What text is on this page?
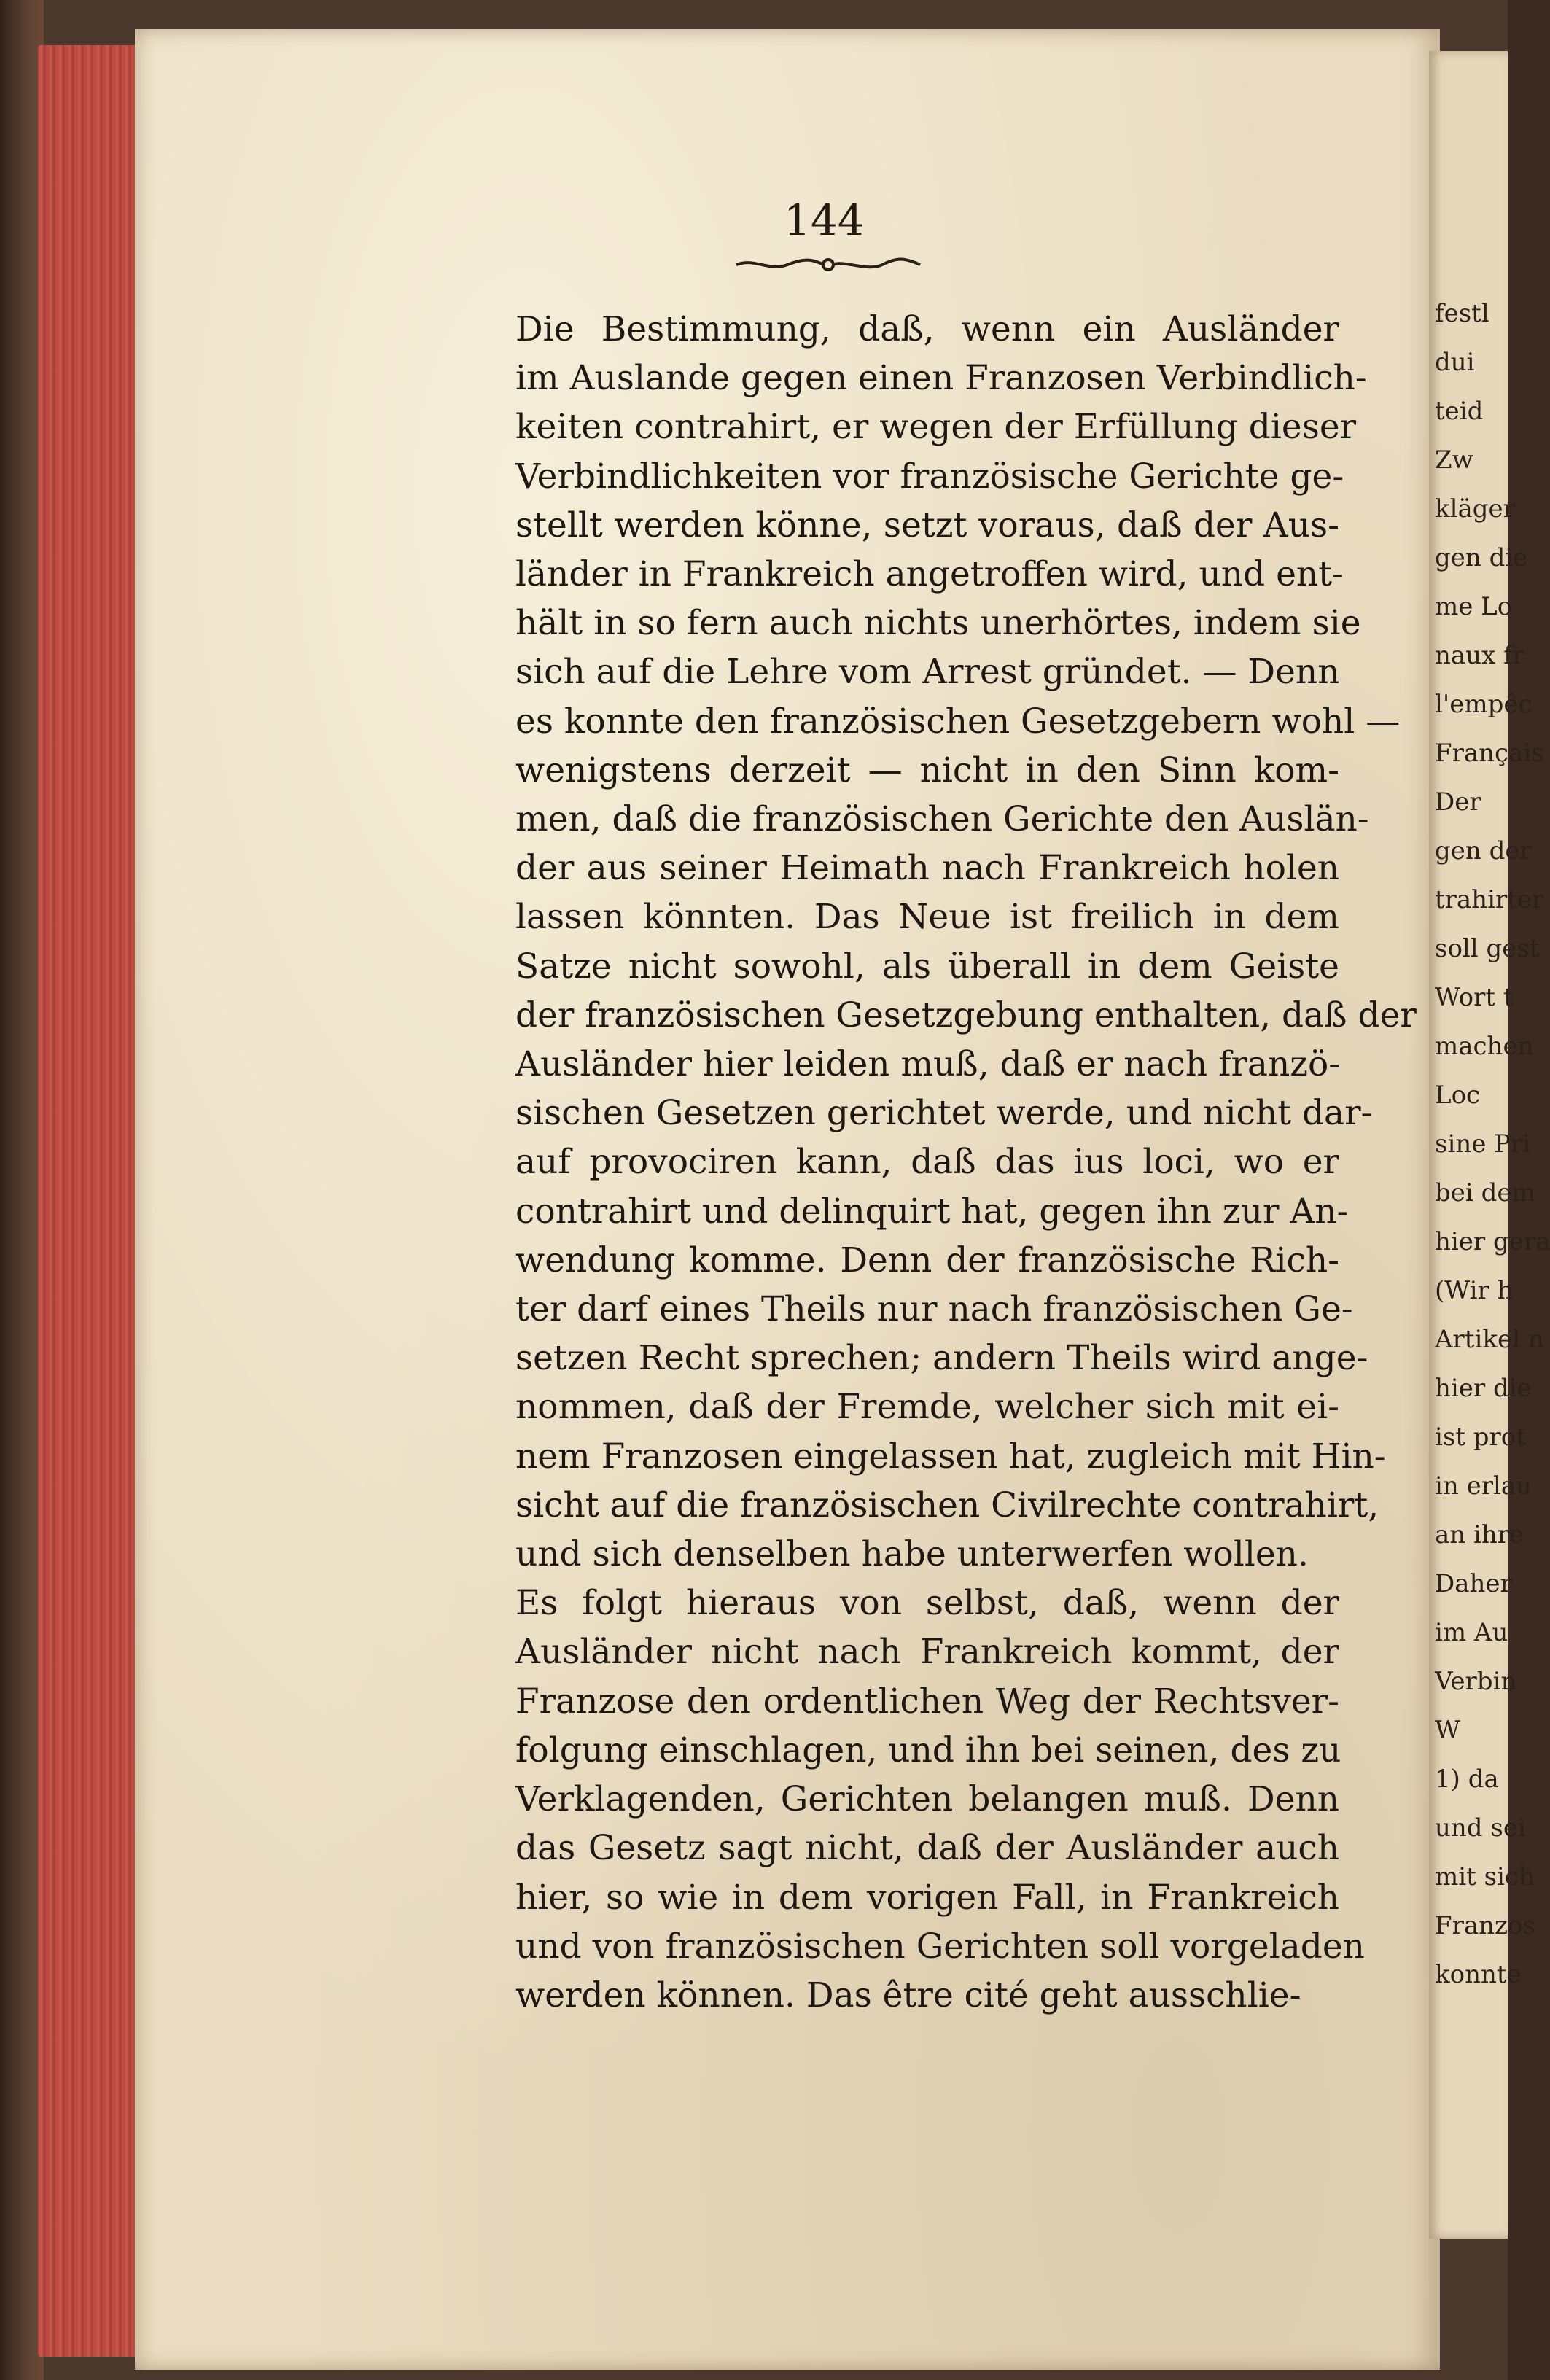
festl
dui
teid
Zw
kläger
gen die
me Lo
naux fr
l'empêc
Français
Der
gen der
trahirter
soll gest
Wort t
machen
Loc
sine Pri
bei dem
hier gera
(Wir h
Artikel n
hier die
ist prot
in erlau
an ihre
Daher
im Au
Verbin
W
1) da
und sei
mit sich
Franzos
konnte
144

Die Bestimmung, daß, wenn ein Ausländer
im Auslande gegen einen Franzosen Verbindlich-
keiten contrahirt, er wegen der Erfüllung dieser
Verbindlichkeiten vor französische Gerichte ge-
stellt werden könne, setzt voraus, daß der Aus-
länder in Frankreich angetroffen wird, und ent-
hält in so fern auch nichts unerhörtes, indem sie
sich auf die Lehre vom Arrest gründet. — Denn
es konnte den französischen Gesetzgebern wohl —
wenigstens derzeit — nicht in den Sinn kom-
men, daß die französischen Gerichte den Auslän-
der aus seiner Heimath nach Frankreich holen
lassen könnten. Das Neue ist freilich in dem
Satze nicht sowohl, als überall in dem Geiste
der französischen Gesetzgebung enthalten, daß der
Ausländer hier leiden muß, daß er nach franzö-
sischen Gesetzen gerichtet werde, und nicht dar-
auf provociren kann, daß das ius loci, wo er
contrahirt und delinquirt hat, gegen ihn zur An-
wendung komme. Denn der französische Rich-
ter darf eines Theils nur nach französischen Ge-
setzen Recht sprechen; andern Theils wird ange-
nommen, daß der Fremde, welcher sich mit ei-
nem Franzosen eingelassen hat, zugleich mit Hin-
sicht auf die französischen Civilrechte contrahirt,
und sich denselben habe unterwerfen wollen.

Es folgt hieraus von selbst, daß, wenn der
Ausländer nicht nach Frankreich kommt, der
Franzose den ordentlichen Weg der Rechtsver-
folgung einschlagen, und ihn bei seinen, des zu
Verklagenden, Gerichten belangen muß. Denn
das Gesetz sagt nicht, daß der Ausländer auch
hier, so wie in dem vorigen Fall, in Frankreich
und von französischen Gerichten soll vorgeladen
werden können. Das être cité geht ausschlie-
